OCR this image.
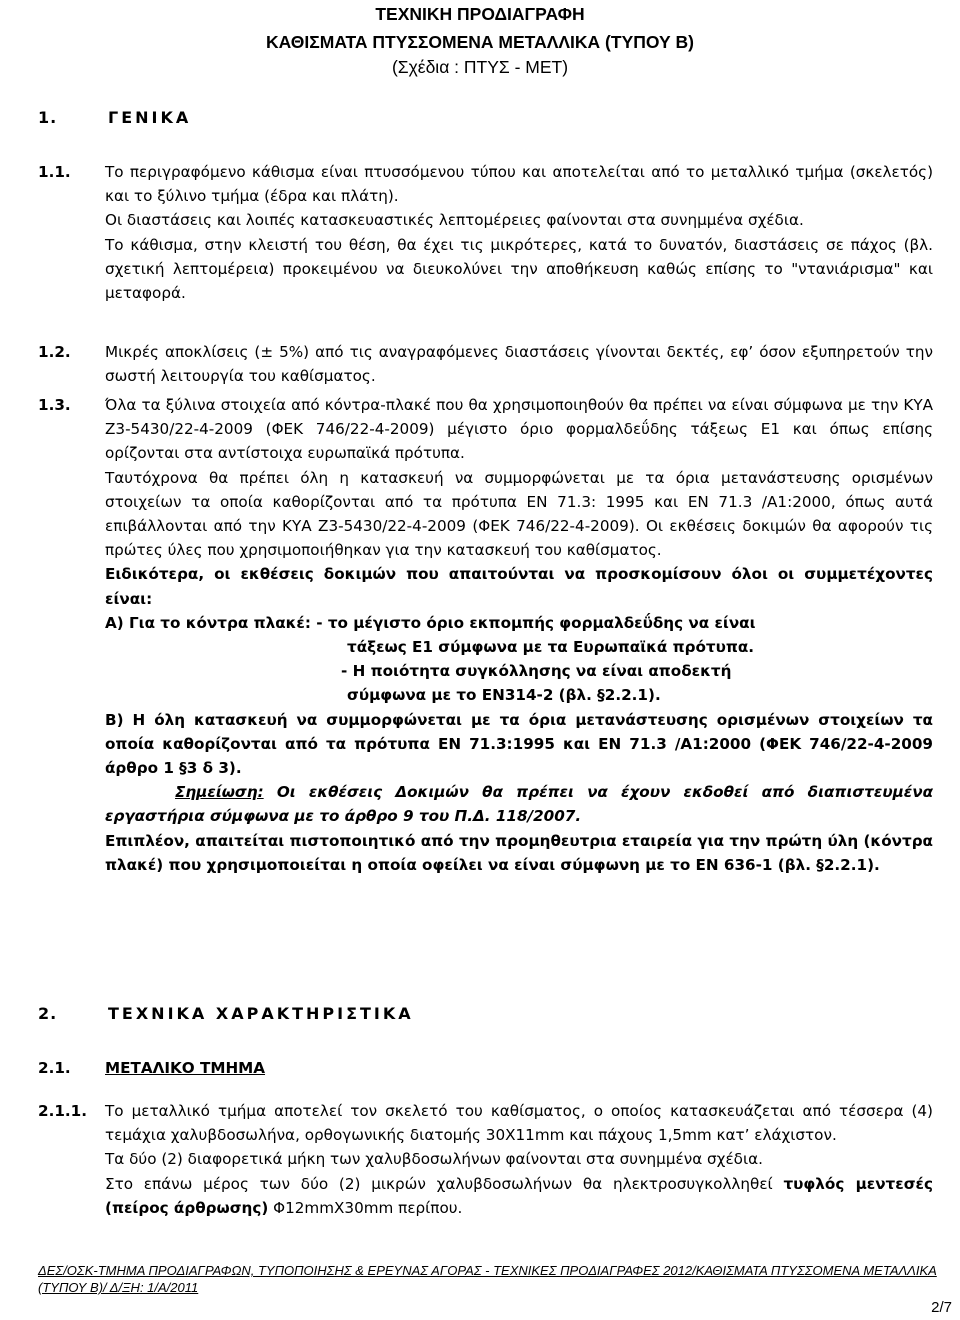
ΤΕΧΝΙΚΗ ΠΡΟΔΙΑΓΡΑΦΗ
ΚΑΘΙΣΜΑΤΑ ΠΤΥΣΣΟΜΕΝΑ ΜΕΤΑΛΛΙΚΑ (ΤΥΠΟΥ Β)
(Σχέδια : ΠΤΥΣ - ΜΕΤ)
1.	ΓΕΝΙΚΑ
1.1. Το περιγραφόμενο κάθισμα είναι πτυσσόμενου τύπου και αποτελείται από το μεταλλικό τμήμα (σκελετός) και το ξύλινο τμήμα (έδρα και πλάτη).

Οι διαστάσεις και λοιπές κατασκευαστικές λεπτομέρειες φαίνονται στα συνημμένα σχέδια.

Το κάθισμα, στην κλειστή του θέση, θα έχει τις μικρότερες, κατά το δυνατόν, διαστάσεις σε πάχος (βλ. σχετική λεπτομέρεια) προκειμένου να διευκολύνει την αποθήκευση καθώς επίσης το "ντανιάρισμα" και μεταφορά.

1.2. Μικρές αποκλίσεις (± 5%) από τις αναγραφόμενες διαστάσεις γίνονται δεκτές, εφ’ όσον εξυπηρετούν την σωστή λειτουργία του καθίσματος.

1.3. Όλα τα ξύλινα στοιχεία από κόντρα-πλακέ που θα χρησιμοποιηθούν θα πρέπει να είναι σύμφωνα με την ΚΥΑ Ζ3-5430/22-4-2009 (ΦΕΚ 746/22-4-2009) μέγιστο όριο φορμαλδεΰδης τάξεως Ε1 και όπως επίσης ορίζονται στα αντίστοιχα ευρωπαϊκά πρότυπα.

Ταυτόχρονα θα πρέπει όλη η κατασκευή να συμμορφώνεται με τα όρια μετανάστευσης ορισμένων στοιχείων τα οποία καθορίζονται από τα πρότυπα ΕΝ 71.3: 1995 και ΕΝ 71.3 /Α1:2000, όπως αυτά επιβάλλονται από την ΚΥΑ Ζ3-5430/22-4-2009 (ΦΕΚ 746/22-4-2009). Οι εκθέσεις δοκιμών θα αφορούν τις πρώτες ύλες που χρησιμοποιήθηκαν για την κατασκευή του καθίσματος.

Ειδικότερα, οι εκθέσεις δοκιμών που απαιτούνται να προσκομίσουν όλοι οι συμμετέχοντες είναι:

Α) Για το κόντρα πλακέ: - το μέγιστο όριο εκπομπής φορμαλδεΰδης να είναι

τάξεως Ε1 σύμφωνα με τα Ευρωπαϊκά πρότυπα.

- Η ποιότητα συγκόλλησης να είναι αποδεκτή

σύμφωνα με το ΕΝ314-2 (βλ. §2.2.1).

Β) Η όλη κατασκευή να συμμορφώνεται με τα όρια μετανάστευσης ορισμένων στοιχείων τα οποία καθορίζονται από τα πρότυπα ΕΝ 71.3:1995 και ΕΝ 71.3 /Α1:2000 (ΦΕΚ 746/22-4-2009 άρθρο 1 §3 δ 3).

Σημείωση: Οι εκθέσεις Δοκιμών θα πρέπει να έχουν εκδοθεί από διαπιστευμένα εργαστήρια σύμφωνα με το άρθρο 9 του Π.Δ. 118/2007.

Επιπλέον, απαιτείται πιστοποιητικό από την προμηθευτρια εταιρεία για την πρώτη ύλη (κόντρα πλακέ) που χρησιμοποιείται η οποία οφείλει να είναι σύμφωνη με το ΕΝ 636-1 (βλ. §2.2.1).

2.	ΤΕΧΝΙΚΑ ΧΑΡΑΚΤΗΡΙΣΤΙΚΑ
2.1. ΜΕΤΑΛΙΚΟ ΤΜΗΜΑ
2.1.1. Το μεταλλικό τμήμα αποτελεί τον σκελετό του καθίσματος, ο οποίος κατασκευάζεται από τέσσερα (4) τεμάχια χαλυβδοσωλήνα, ορθογωνικής διατομής 30Χ11mm και πάχους 1,5mm κατ’ ελάχιστον.

Τα δύο (2) διαφορετικά μήκη των χαλυβδοσωλήνων φαίνονται στα συνημμένα σχέδια.

Στο επάνω μέρος των δύο (2) μικρών χαλυβδοσωλήνων θα ηλεκτροσυγκολληθεί τυφλός μεντεσές (πείρος άρθρωσης) Φ12mmΧ30mm περίπου.

ΔΕΣ/ΟΣΚ-ΤΜΗΜΑ ΠΡΟΔΙΑΓΡΑΦΩΝ, ΤΥΠΟΠΟΙΗΣΗΣ & ΕΡΕΥΝΑΣ ΑΓΟΡΑΣ - ΤΕΧΝΙΚΕΣ ΠΡΟΔΙΑΓΡΑΦΕΣ 2012/ΚΑΘΙΣΜΑΤΑ ΠΤΥΣΣΟΜΕΝΑ ΜΕΤΑΛΛΙΚΑ (ΤΥΠΟΥ Β)/ Δ/ΞΗ: 1/Α/2011
2/7
